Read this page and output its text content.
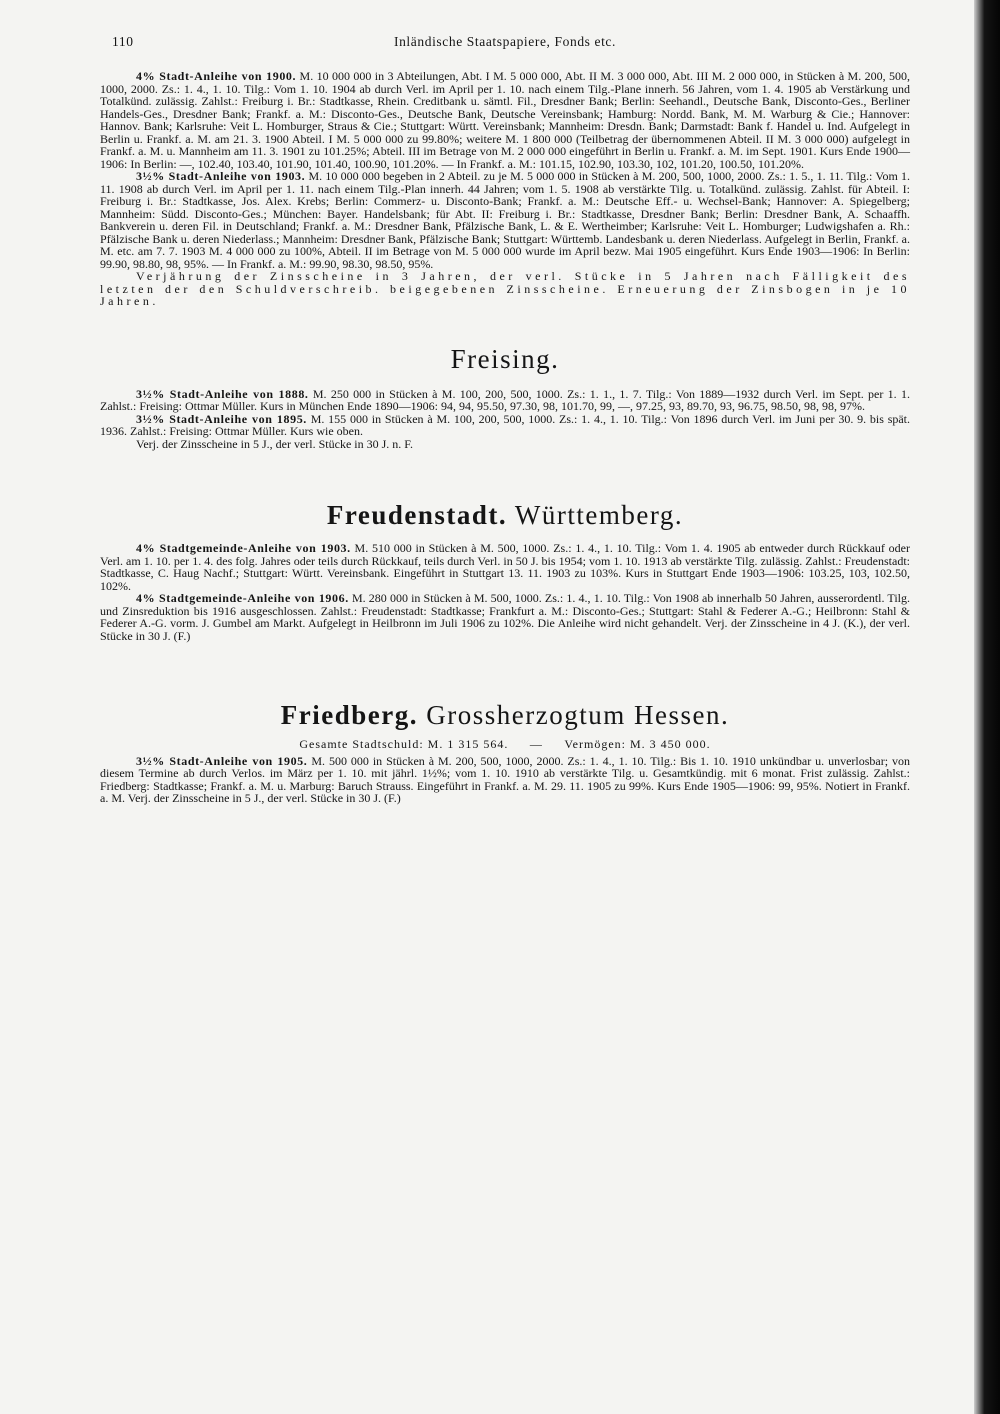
110	Inländische Staatspapiere, Fonds etc.

4% Stadt-Anleihe von 1900. M. 10 000 000 in 3 Abteilungen, Abt. I M. 5 000 000, Abt. II M. 3 000 000, Abt. III M. 2 000 000, in Stücken à M. 200, 500, 1000, 2000. Zs.: 1. 4., 1. 10. Tilg.: Vom 1. 10. 1904 ab durch Verl. im April per 1. 10. nach einem Tilg.-Plane innerh. 56 Jahren, vom 1. 4. 1905 ab Verstärkung und Totalkünd. zulässig. Zahlst.: Freiburg i. Br.: Stadtkasse, Rhein. Creditbank u. sämtl. Fil., Dresdner Bank; Berlin: Seehandl., Deutsche Bank, Disconto-Ges., Berliner Handels-Ges., Dresdner Bank; Frankf. a. M.: Disconto-Ges., Deutsche Bank, Deutsche Vereinsbank; Hamburg: Nordd. Bank, M. M. Warburg & Cie.; Hannover: Hannov. Bank; Karlsruhe: Veit L. Homburger, Straus & Cie.; Stuttgart: Württ. Vereinsbank; Mannheim: Dresdn. Bank; Darmstadt: Bank f. Handel u. Ind. Aufgelegt in Berlin u. Frankf. a. M. am 21. 3. 1900 Abteil. I M. 5 000 000 zu 99.80%; weitere M. 1 800 000 (Teilbetrag der übernommenen Abteil. II M. 3 000 000) aufgelegt in Frankf. a. M. u. Mannheim am 11. 3. 1901 zu 101.25%; Abteil. III im Betrage von M. 2 000 000 eingeführt in Berlin u. Frankf. a. M. im Sept. 1901. Kurs Ende 1900—1906: In Berlin: —, 102.40, 103.40, 101.90, 101.40, 100.90, 101.20%. — In Frankf. a. M.: 101.15, 102.90, 103.30, 102, 101.20, 100.50, 101.20%.

3½% Stadt-Anleihe von 1903. M. 10 000 000 begeben in 2 Abteil. zu je M. 5 000 000 in Stücken à M. 200, 500, 1000, 2000. Zs.: 1. 5., 1. 11. Tilg.: Vom 1. 11. 1908 ab durch Verl. im April per 1. 11. nach einem Tilg.-Plan innerh. 44 Jahren; vom 1. 5. 1908 ab verstärkte Tilg. u. Totalkünd. zulässig. Zahlst. für Abteil. I: Freiburg i. Br.: Stadtkasse, Jos. Alex. Krebs; Berlin: Commerz- u. Disconto-Bank; Frankf. a. M.: Deutsche Eff.- u. Wechsel-Bank; Hannover: A. Spiegelberg; Mannheim: Südd. Disconto-Ges.; München: Bayer. Handelsbank; für Abt. II: Freiburg i. Br.: Stadtkasse, Dresdner Bank; Berlin: Dresdner Bank, A. Schaaffh. Bankverein u. deren Fil. in Deutschland; Frankf. a. M.: Dresdner Bank, Pfälzische Bank, L. & E. Wertheimber; Karlsruhe: Veit L. Homburger; Ludwigshafen a. Rh.: Pfälzische Bank u. deren Niederlass.; Mannheim: Dresdner Bank, Pfälzische Bank; Stuttgart: Württemb. Landesbank u. deren Niederlass. Aufgelegt in Berlin, Frankf. a. M. etc. am 7. 7. 1903 M. 4 000 000 zu 100%, Abteil. II im Betrage von M. 5 000 000 wurde im April bezw. Mai 1905 eingeführt. Kurs Ende 1903—1906: In Berlin: 99.90, 98.80, 98, 95%. — In Frankf. a. M.: 99.90, 98.30, 98.50, 95%.

Verjährung der Zinsscheine in 3 Jahren, der verl. Stücke in 5 Jahren nach Fälligkeit des letzten der den Schuldverschreib. beigegebenen Zinsscheine. Erneuerung der Zinsbogen in je 10 Jahren.

Freising.

3½% Stadt-Anleihe von 1888. M. 250 000 in Stücken à M. 100, 200, 500, 1000. Zs.: 1. 1., 1. 7. Tilg.: Von 1889—1932 durch Verl. im Sept. per 1. 1. Zahlst.: Freising: Ottmar Müller. Kurs in München Ende 1890—1906: 94, 94, 95.50, 97.30, 98, 101.70, 99, —, 97.25, 93, 89.70, 93, 96.75, 98.50, 98, 98, 97%.

3½% Stadt-Anleihe von 1895. M. 155 000 in Stücken à M. 100, 200, 500, 1000. Zs.: 1. 4., 1. 10. Tilg.: Von 1896 durch Verl. im Juni per 30. 9. bis spät. 1936. Zahlst.: Freising: Ottmar Müller. Kurs wie oben.

Verj. der Zinsscheine in 5 J., der verl. Stücke in 30 J. n. F.

Freudenstadt. Württemberg.

4% Stadtgemeinde-Anleihe von 1903. M. 510 000 in Stücken à M. 500, 1000. Zs.: 1. 4., 1. 10. Tilg.: Vom 1. 4. 1905 ab entweder durch Rückkauf oder Verl. am 1. 10. per 1. 4. des folg. Jahres oder teils durch Rückkauf, teils durch Verl. in 50 J. bis 1954; vom 1. 10. 1913 ab verstärkte Tilg. zulässig. Zahlst.: Freudenstadt: Stadtkasse, C. Haug Nachf.; Stuttgart: Württ. Vereinsbank. Eingeführt in Stuttgart 13. 11. 1903 zu 103%. Kurs in Stuttgart Ende 1903—1906: 103.25, 103, 102.50, 102%.

4% Stadtgemeinde-Anleihe von 1906. M. 280 000 in Stücken à M. 500, 1000. Zs.: 1. 4., 1. 10. Tilg.: Von 1908 ab innerhalb 50 Jahren, ausserordentl. Tilg. und Zinsreduktion bis 1916 ausgeschlossen. Zahlst.: Freudenstadt: Stadtkasse; Frankfurt a. M.: Disconto-Ges.; Stuttgart: Stahl & Federer A.-G.; Heilbronn: Stahl & Federer A.-G. vorm. J. Gumbel am Markt. Aufgelegt in Heilbronn im Juli 1906 zu 102%. Die Anleihe wird nicht gehandelt. Verj. der Zinsscheine in 4 J. (K.), der verl. Stücke in 30 J. (F.)

Friedberg. Grossherzogtum Hessen.
Gesamte Stadtschuld: M. 1 315 564.—Vermögen: M. 3 450 000.

3½% Stadt-Anleihe von 1905. M. 500 000 in Stücken à M. 200, 500, 1000, 2000. Zs.: 1. 4., 1. 10. Tilg.: Bis 1. 10. 1910 unkündbar u. unverlosbar; von diesem Termine ab durch Verlos. im März per 1. 10. mit jährl. 1½%; vom 1. 10. 1910 ab verstärkte Tilg. u. Gesamtkündig. mit 6 monat. Frist zulässig. Zahlst.: Friedberg: Stadtkasse; Frankf. a. M. u. Marburg: Baruch Strauss. Eingeführt in Frankf. a. M. 29. 11. 1905 zu 99%. Kurs Ende 1905—1906: 99, 95%. Notiert in Frankf. a. M. Verj. der Zinsscheine in 5 J., der verl. Stücke in 30 J. (F.)
